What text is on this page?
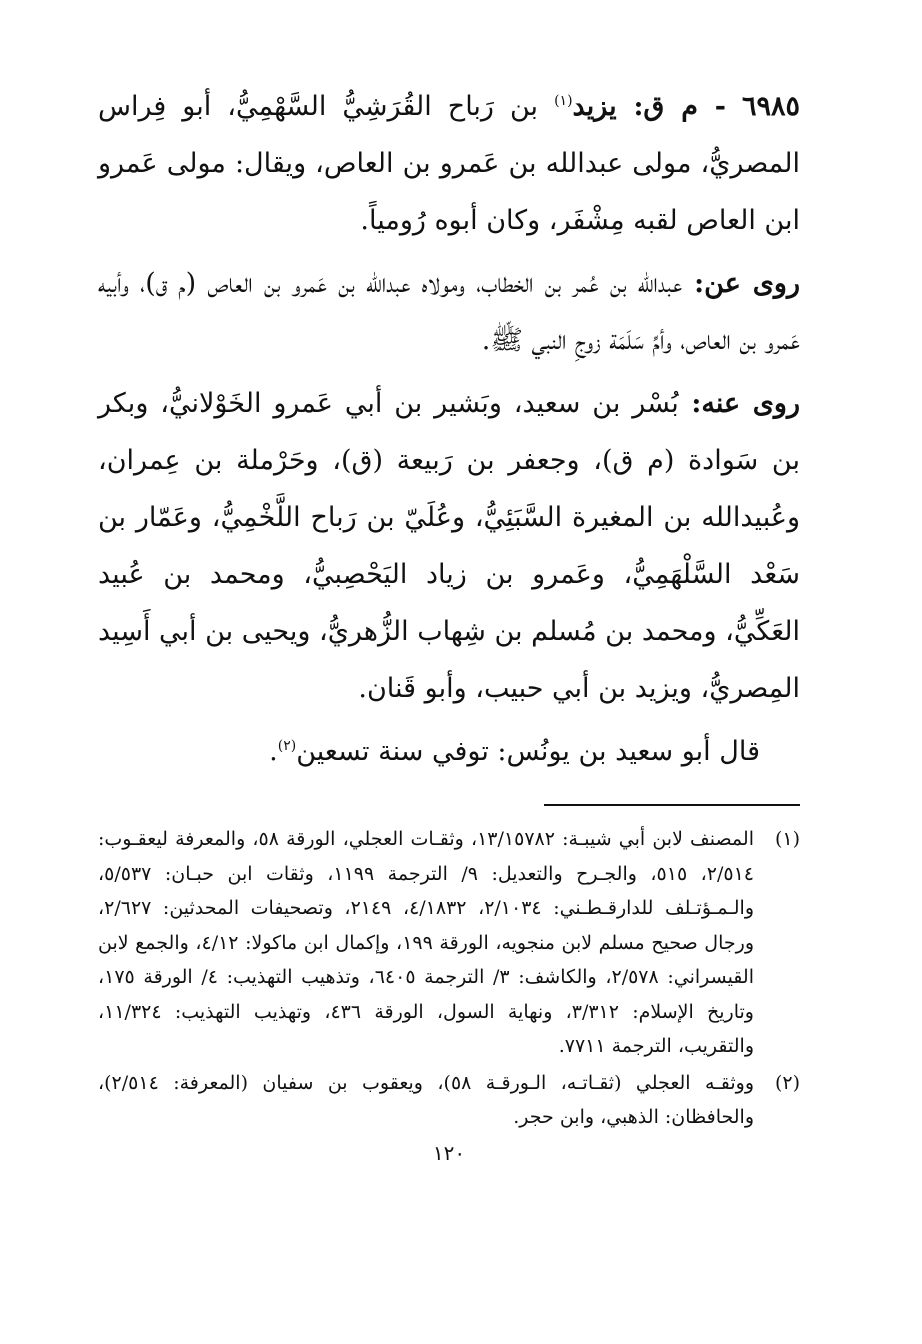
٦٩٨٥ - م ق: يزيد$^{(١)}$ بن رَباح القُرَشِيُّ السَّهْمِيُّ، أبو فِراس المصريُّ، مولى عبدالله بن عَمرو بن العاص، ويقال: مولى عَمرو ابن العاص لقبه مِشْفَر، وكان أبوه رُومياً.

روى عن: عبدالله بن عُمر بن الخطاب، ومولاه عبدالله بن عَمرو بن العاص (م ق)، وأبيه عَمرو بن العاص، وأمِّ سَلَمَة زوجِ النبي ﷺ.

روى عنه: بُسْر بن سعيد، وبَشير بن أبي عَمرو الخَوْلانيُّ، وبكر بن سَوادة (م ق)، وجعفر بن رَبيعة (ق)، وحَرْملة بن عِمران، وعُبيدالله بن المغيرة السَّبَئِيُّ، وعُلَيّ بن رَباح اللَّخْمِيُّ، وعَمّار بن سَعْد السَّلْهَمِيُّ، وعَمرو بن زياد اليَحْصِبيُّ، ومحمد بن عُبيد العَكِّيُّ، ومحمد بن مُسلم بن شِهاب الزُّهريُّ، ويحيى بن أبي أَسِيد المِصريُّ، ويزيد بن أبي حبيب، وأبو قَنان.

قال أبو سعيد بن يونُس: توفي سنة تسعين$^{(٢)}$.

(١)
المصنف لابن أبي شيبـة: ١٣/١٥٧٨٢، وثقـات العجلي، الورقة ٥٨، والمعرفة ليعقـوب: ٢/٥١٤، ٥١٥، والجـرح والتعديل: ٩/ الترجمة ١١٩٩، وثقات ابن حبـان: ٥/٥٣٧، والـمـؤتـلف للدارقـطـني: ٢/١٠٣٤، ٤/١٨٣٢، ٢١٤٩، وتصحيفات المحدثين: ٢/٦٢٧، ورجال صحيح مسلم لابن منجويه، الورقة ١٩٩، وإكمال ابن ماكولا: ٤/١٢، والجمع لابن القيسراني: ٢/٥٧٨، والكاشف: ٣/ الترجمة ٦٤٠٥، وتذهيب التهذيب: ٤/ الورقة ١٧٥، وتاريخ الإسلام: ٣/٣١٢، ونهاية السول، الورقة ٤٣٦، وتهذيب التهذيب: ١١/٣٢٤، والتقريب، الترجمة ٧٧١١.
(٢)
ووثقـه العجلي (ثقـاتـه، الـورقـة ٥٨)، ويعقوب بن سفيان (المعرفة: ٢/٥١٤)، والحافظان: الذهبي، وابن حجر.
١٢٠
